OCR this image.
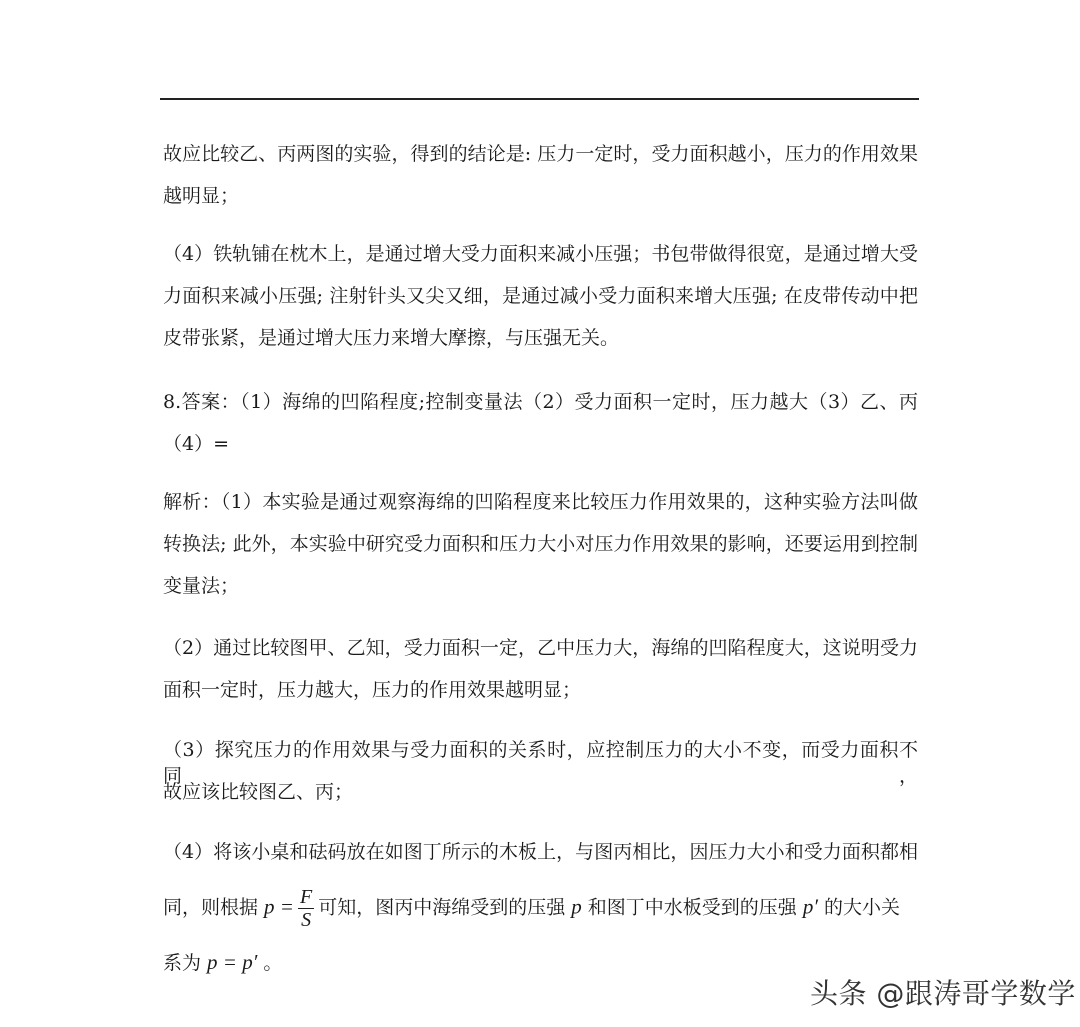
故应比较乙、丙两图的实验，得到的结论是: 压力一定时，受力面积越小，压力的作用效果
越明显；
（4）铁轨铺在枕木上，是通过增大受力面积来减小压强；书包带做得很宽，是通过增大受
力面积来减小压强; 注射针头又尖又细，是通过减小受力面积来增大压强; 在皮带传动中把
皮带张紧，是通过增大压力来增大摩擦，与压强无关。
8.答案：（1）海绵的凹陷程度;控制变量法（2）受力面积一定时，压力越大（3）乙、丙
（4）=
解析：（1）本实验是通过观察海绵的凹陷程度来比较压力作用效果的，这种实验方法叫做
转换法; 此外，本实验中研究受力面积和压力大小对压力作用效果的影响，还要运用到控制
变量法；
（2）通过比较图甲、乙知，受力面积一定，乙中压力大，海绵的凹陷程度大，这说明受力
面积一定时，压力越大，压力的作用效果越明显；
（3）探究压力的作用效果与受力面积的关系时，应控制压力的大小不变，而受力面积不同，
故应该比较图乙、丙；
（4）将该小桌和砝码放在如图丁所示的木板上，与图丙相比，因压力大小和受力面积都相
同，则根据 $p = \frac{F}{S}$ 可知，图丙中海绵受到的压强 p 和图丁中水板受到的压强 p′ 的大小关
系为 p = p′ 。
头条 @跟涛哥学数学
